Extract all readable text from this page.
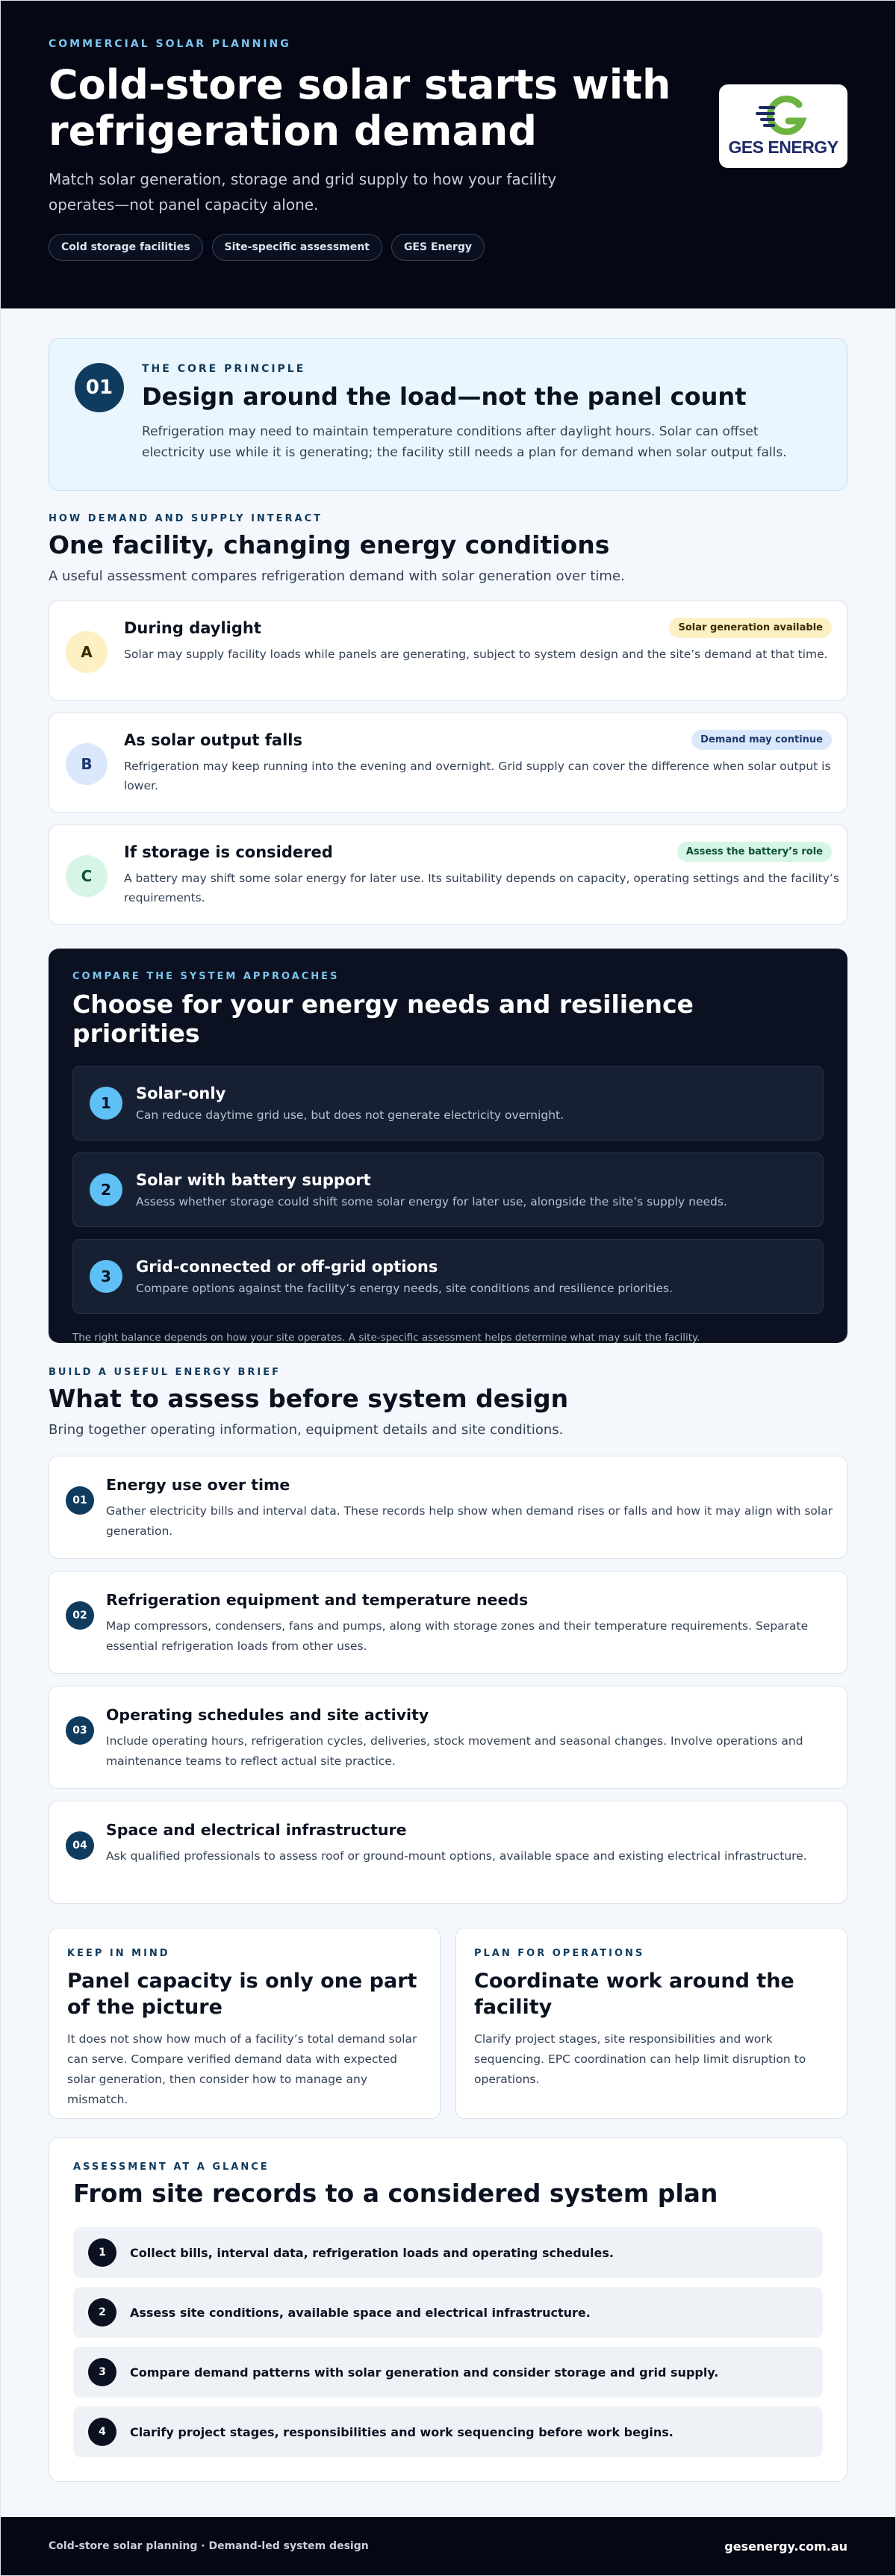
COMMERCIAL SOLAR PLANNING
Cold-store solar starts with refrigeration demand

Match solar generation, storage and grid supply to how your facility operates—not panel capacity alone.

Cold storage facilities	Site-specific assessment	GES Energy
GES ENERGY
01
THE CORE PRINCIPLE
Design around the load—not the panel count

Refrigeration may need to maintain temperature conditions after daylight hours. Solar can offset electricity use while it is generating; the facility still needs a plan for demand when solar output falls.

HOW DEMAND AND SUPPLY INTERACT
One facility, changing energy conditions

A useful assessment compares refrigeration demand with solar generation over time.

A
During daylight
Solar may supply facility loads while panels are generating, subject to system design and the site’s demand at that time.
Solar generation available
B
As solar output falls
Refrigeration may keep running into the evening and overnight. Grid supply can cover the difference when solar output is lower.
Demand may continue
C
If storage is considered
A battery may shift some solar energy for later use. Its suitability depends on capacity, operating settings and the facility’s requirements.
Assess the battery’s role
COMPARE THE SYSTEM APPROACHES
Choose for your energy needs and resilience priorities
1
Solar-only
Can reduce daytime grid use, but does not generate electricity overnight.
2
Solar with battery support
Assess whether storage could shift some solar energy for later use, alongside the site’s supply needs.
3
Grid-connected or off-grid options
Compare options against the facility’s energy needs, site conditions and resilience priorities.

The right balance depends on how your site operates. A site-specific assessment helps determine what may suit the facility.

BUILD A USEFUL ENERGY BRIEF
What to assess before system design

Bring together operating information, equipment details and site conditions.

01
Energy use over time
Gather electricity bills and interval data. These records help show when demand rises or falls and how it may align with solar generation.
02
Refrigeration equipment and temperature needs
Map compressors, condensers, fans and pumps, along with storage zones and their temperature requirements. Separate essential refrigeration loads from other uses.
03
Operating schedules and site activity
Include operating hours, refrigeration cycles, deliveries, stock movement and seasonal changes. Involve operations and maintenance teams to reflect actual site practice.
04
Space and electrical infrastructure
Ask qualified professionals to assess roof or ground-mount options, available space and existing electrical infrastructure.
KEEP IN MIND
Panel capacity is only one part of the picture

It does not show how much of a facility’s total demand solar can serve. Compare verified demand data with expected solar generation, then consider how to manage any mismatch.

PLAN FOR OPERATIONS
Coordinate work around the facility

Clarify project stages, site responsibilities and work sequencing. EPC coordination can help limit disruption to operations.

ASSESSMENT AT A GLANCE
From site records to a considered system plan
1	Collect bills, interval data, refrigeration loads and operating schedules.
2	Assess site conditions, available space and electrical infrastructure.
3	Compare demand patterns with solar generation and consider storage and grid supply.
4	Clarify project stages, responsibilities and work sequencing before work begins.
Cold-store solar planning · Demand-led system design	gesenergy.com.au
